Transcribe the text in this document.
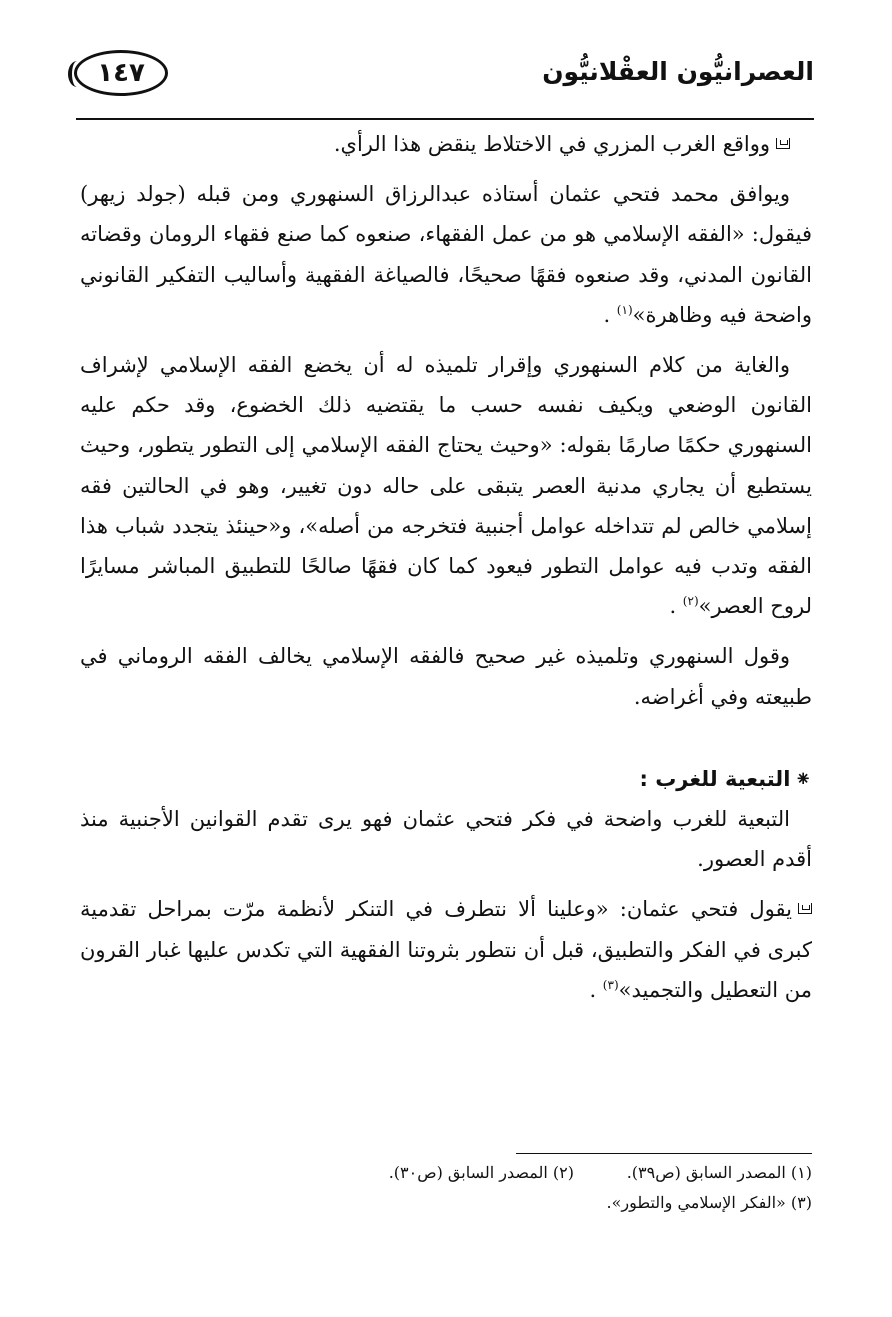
العصرانيُّون العقْلانيُّون
١٤٧

وواقع الغرب المزري في الاختلاط ينقض هذا الرأي.

ويوافق محمد فتحي عثمان أستاذه عبدالرزاق السنهوري ومن قبله (جولد زيهر) فيقول: «الفقه الإسلامي هو من عمل الفقهاء، صنعوه كما صنع فقهاء الرومان وقضاته القانون المدني، وقد صنعوه فقهًا صحيحًا، فالصياغة الفقهية وأساليب التفكير القانوني واضحة فيه وظاهرة»$^{(١)}$ .

والغاية من كلام السنهوري وإقرار تلميذه له أن يخضع الفقه الإسلامي لإشراف القانون الوضعي ويكيف نفسه حسب ما يقتضيه ذلك الخضوع، وقد حكم عليه السنهوري حكمًا صارمًا بقوله: «وحيث يحتاج الفقه الإسلامي إلى التطور يتطور، وحيث يستطيع أن يجاري مدنية العصر يتبقى على حاله دون تغيير، وهو في الحالتين فقه إسلامي خالص لم تتداخله عوامل أجنبية فتخرجه من أصله»، و«حينئذ يتجدد شباب هذا الفقه وتدب فيه عوامل التطور فيعود كما كان فقهًا صالحًا للتطبيق المباشر مسايرًا لروح العصر»$^{(٢)}$ .

وقول السنهوري وتلميذه غير صحيح فالفقه الإسلامي يخالف الفقه الروماني في طبيعته وفي أغراضه.

⁕التبعية للغرب :

التبعية للغرب واضحة في فكر فتحي عثمان فهو يرى تقدم القوانين الأجنبية منذ أقدم العصور.

يقول فتحي عثمان: «وعلينا ألا نتطرف في التنكر لأنظمة مرّت بمراحل تقدمية كبرى في الفكر والتطبيق، قبل أن نتطور بثروتنا الفقهية التي تكدس عليها غبار القرون من التعطيل والتجميد»$^{(٣)}$ .

(١) المصدر السابق (ص٣٩).
(٢) المصدر السابق (ص٣٠).
(٣) «الفكر الإسلامي والتطور».
